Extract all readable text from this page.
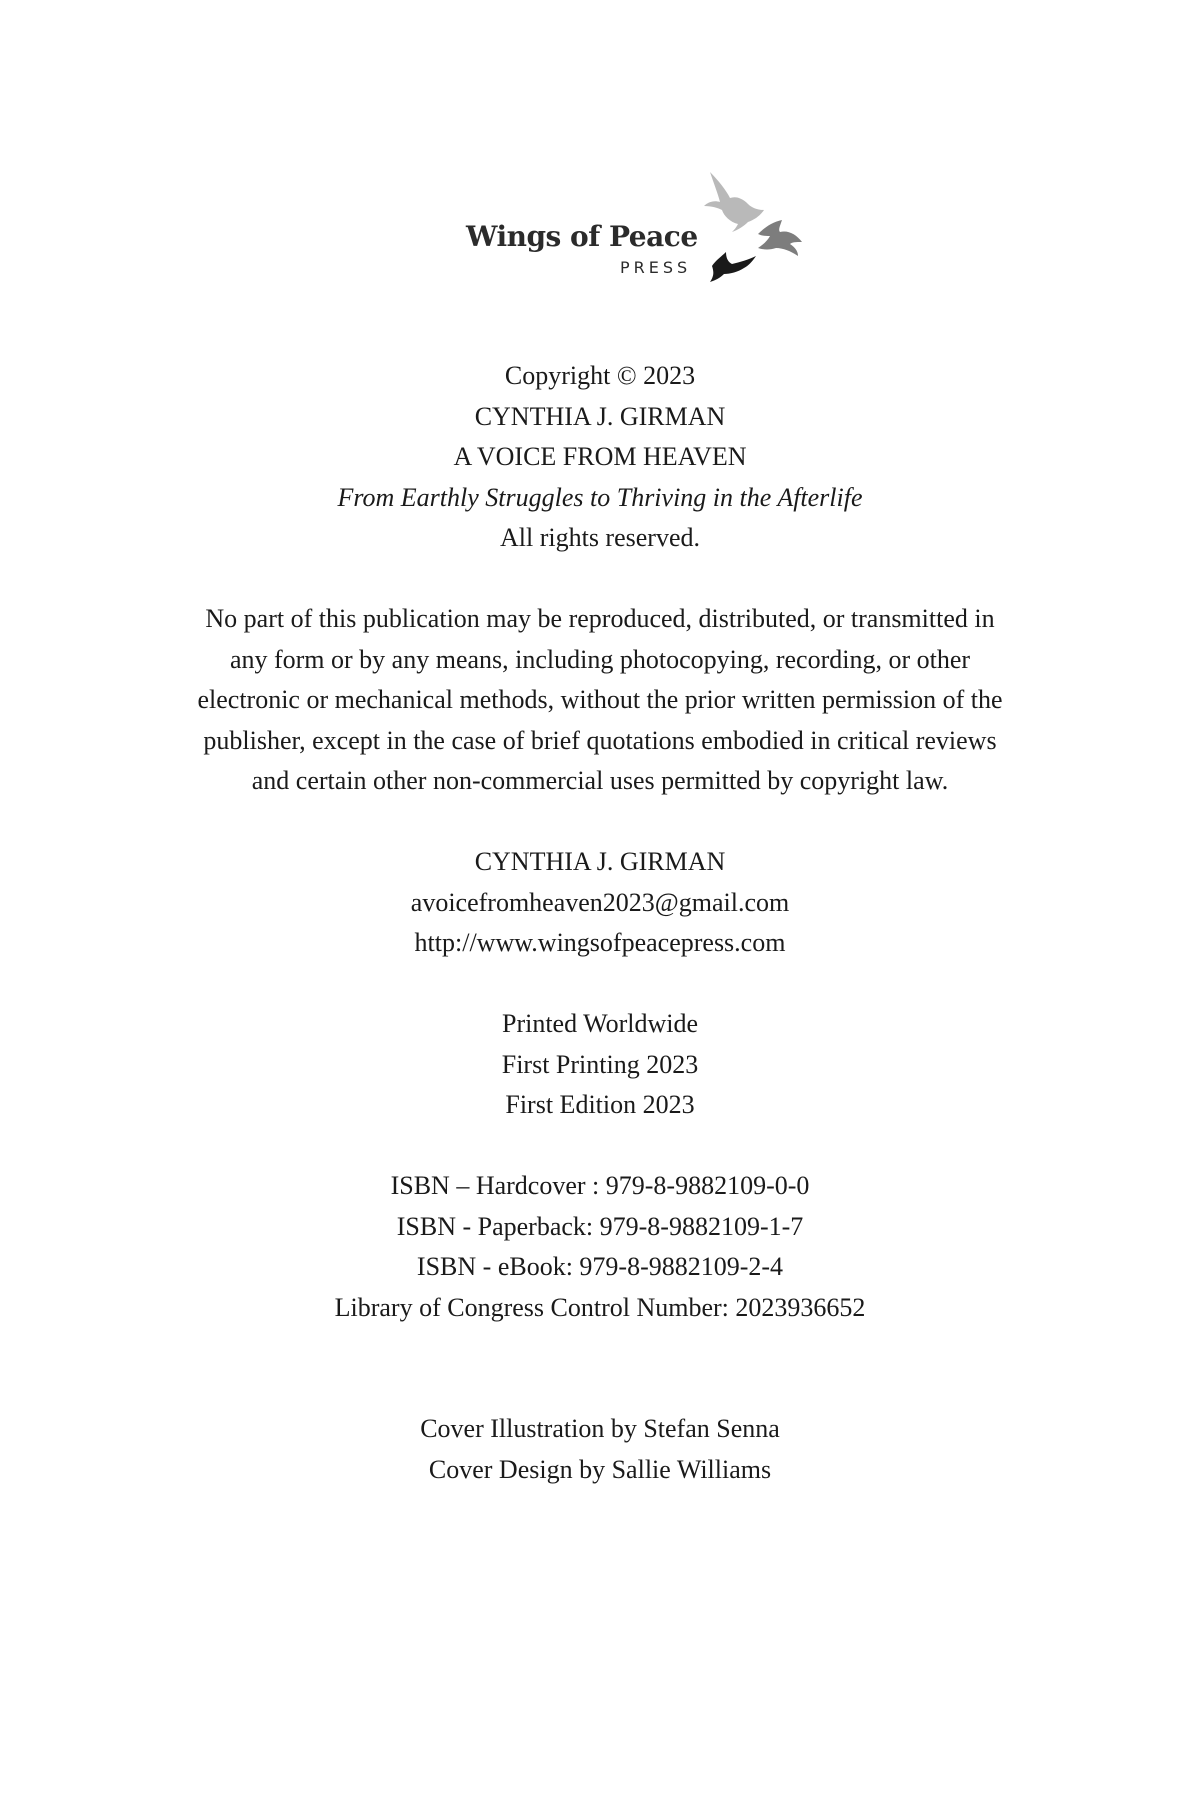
Wings of Peace
PRESS
Copyright © 2023
CYNTHIA J. GIRMAN
A VOICE FROM HEAVEN
From Earthly Struggles to Thriving in the Afterlife
All rights reserved.
No part of this publication may be reproduced, distributed, or transmitted in
any form or by any means, including photocopying, recording, or other
electronic or mechanical methods, without the prior written permission of the
publisher, except in the case of brief quotations embodied in critical reviews
and certain other non-commercial uses permitted by copyright law.
CYNTHIA J. GIRMAN
avoicefromheaven2023@gmail.com
http://www.wingsofpeacepress.com
Printed Worldwide
First Printing 2023
First Edition 2023
ISBN – Hardcover : 979-8-9882109-0-0
ISBN - Paperback: 979-8-9882109-1-7
ISBN - eBook: 979-8-9882109-2-4
Library of Congress Control Number: 2023936652
Cover Illustration by Stefan Senna
Cover Design by Sallie Williams
